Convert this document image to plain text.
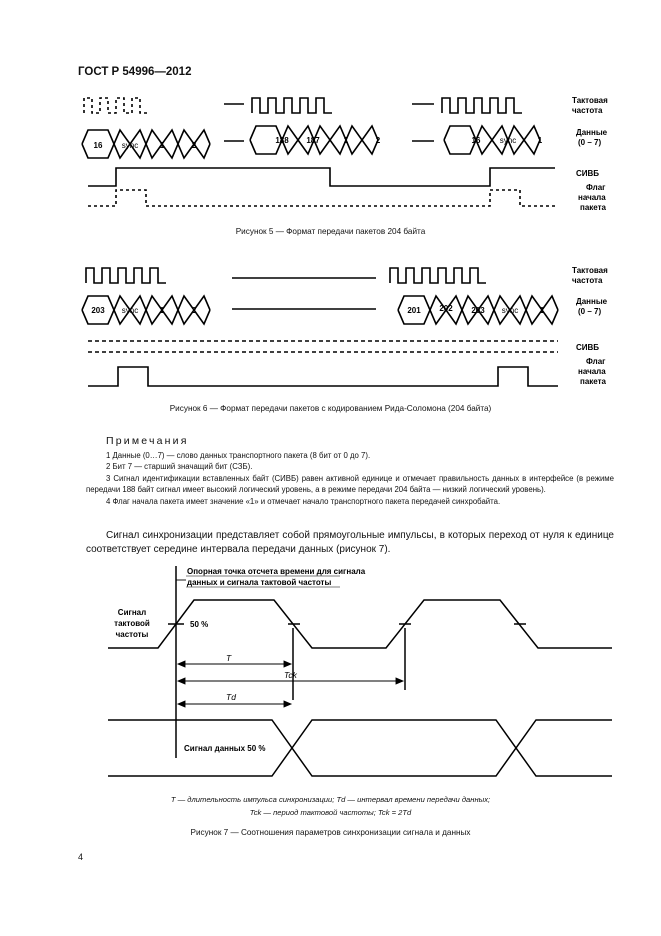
ГОСТ Р 54996—2012
Тактовая
частота
Данные
(0 – 7)
СИВБ
Флаг
начала
пакета
16 sync	1	2
188 187	1	2	16 sync	1
Рисунок 5 — Формат передачи пакетов 204 байта
Тактовая
частота
Данные
(0 – 7)
СИВБ
Флаг
начала
пакета
203 sync	1	2	201 202 203 sync	1
Рисунок 6 — Формат передачи пакетов с кодированием Рида-Соломона (204 байта)
Примечания
1 Данные (0…7) — слово данных транспортного пакета (8 бит от 0 до 7).
2 Бит 7 — старший значащий бит (СЗБ).
3 Сигнал идентификации вставленных байт (СИВБ) равен активной единице и отмечает правильность данных в интерфейсе (в режиме передачи 188 байт сигнал имеет высокий логический уровень, а в режиме передачи 204 байта — низкий логический уровень).
4 Флаг начала пакета имеет значение «1» и отмечает начало транспортного пакета передачей синхробайта.
Сигнал синхронизации представляет собой прямоугольные импульсы, в которых переход от нуля к единице соответствует середине интервала передачи данных (рисунок 7).
Опорная точка отсчета времени для сигнала
данных и сигнала тактовой частоты
Сигнал
тактовой
частоты
50 %
Сигнал данных 50 %
T
Tck
Td
T — длительность импульса синхронизации; Td — интервал времени передачи данных;
Tck — период тактовой частоты; Tck = 2Td
Рисунок 7 — Соотношения параметров синхронизации сигнала и данных
4
